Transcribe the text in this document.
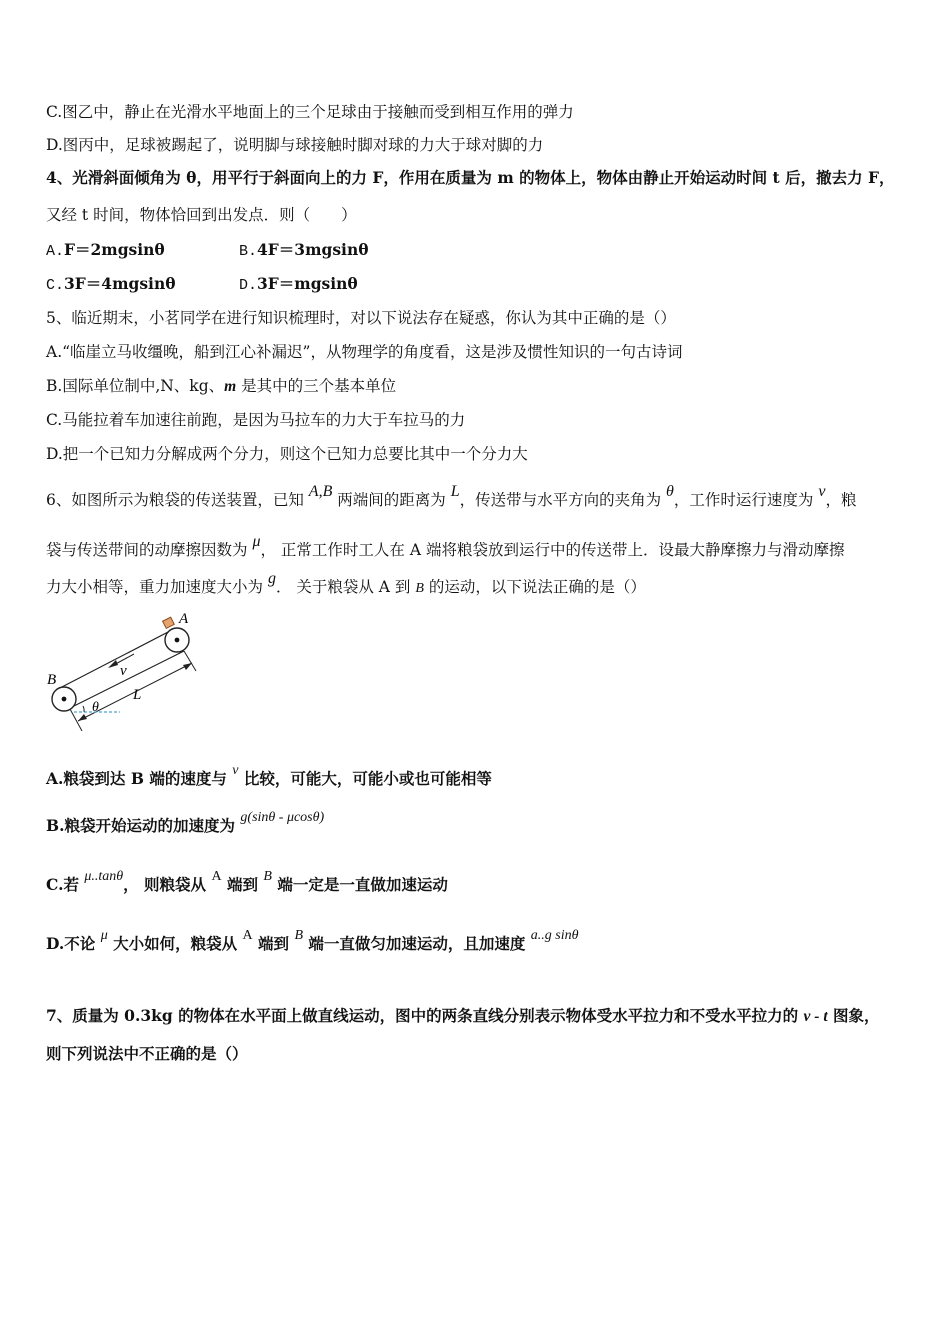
C.图乙中，静止在光滑水平地面上的三个足球由于接触而受到相互作用的弹力
D.图丙中，足球被踢起了，说明脚与球接触时脚对球的力大于球对脚的力
4、光滑斜面倾角为 θ，用平行于斜面向上的力 F，作用在质量为 m 的物体上，物体由静止开始运动时间 t 后，撤去力 F，
又经 t 时间，物体恰回到出发点．则（　　）
A.F＝2mgsinθ	B.4F＝3mgsinθ
C.3F＝4mgsinθ	D.3F＝mgsinθ
5、临近期末，小茗同学在进行知识梳理时，对以下说法存在疑惑，你认为其中正确的是（）
A.“临崖立马收缰晚，船到江心补漏迟”，从物理学的角度看，这是涉及惯性知识的一句古诗词
B.国际单位制中,N、kg、m 是其中的三个基本单位
C.马能拉着车加速往前跑，是因为马拉车的力大于车拉马的力
D.把一个已知力分解成两个分力，则这个已知力总要比其中一个分力大
6、如图所示为粮袋的传送装置，已知 A,B 两端间的距离为 L，传送带与水平方向的夹角为 θ，工作时运行速度为 v，粮
袋与传送带间的动摩擦因数为 μ， 正常工作时工人在 A 端将粮袋放到运行中的传送带上．设最大静摩擦力与滑动摩擦
力大小相等，重力加速度大小为 g． 关于粮袋从 A 到 B 的运动，以下说法正确的是（）
A
B
v
L
θ
A.粮袋到达 B 端的速度与 v 比较，可能大，可能小或也可能相等
B.粮袋开始运动的加速度为 g(sinθ - μcosθ)
C.若 μ..tanθ， 则粮袋从 A 端到 B 端一定是一直做加速运动
D.不论 μ 大小如何，粮袋从 A 端到 B 端一直做匀加速运动，且加速度 a..g sinθ
7、质量为 0.3kg 的物体在水平面上做直线运动，图中的两条直线分别表示物体受水平拉力和不受水平拉力的 v - t 图象，
则下列说法中不正确的是（）
